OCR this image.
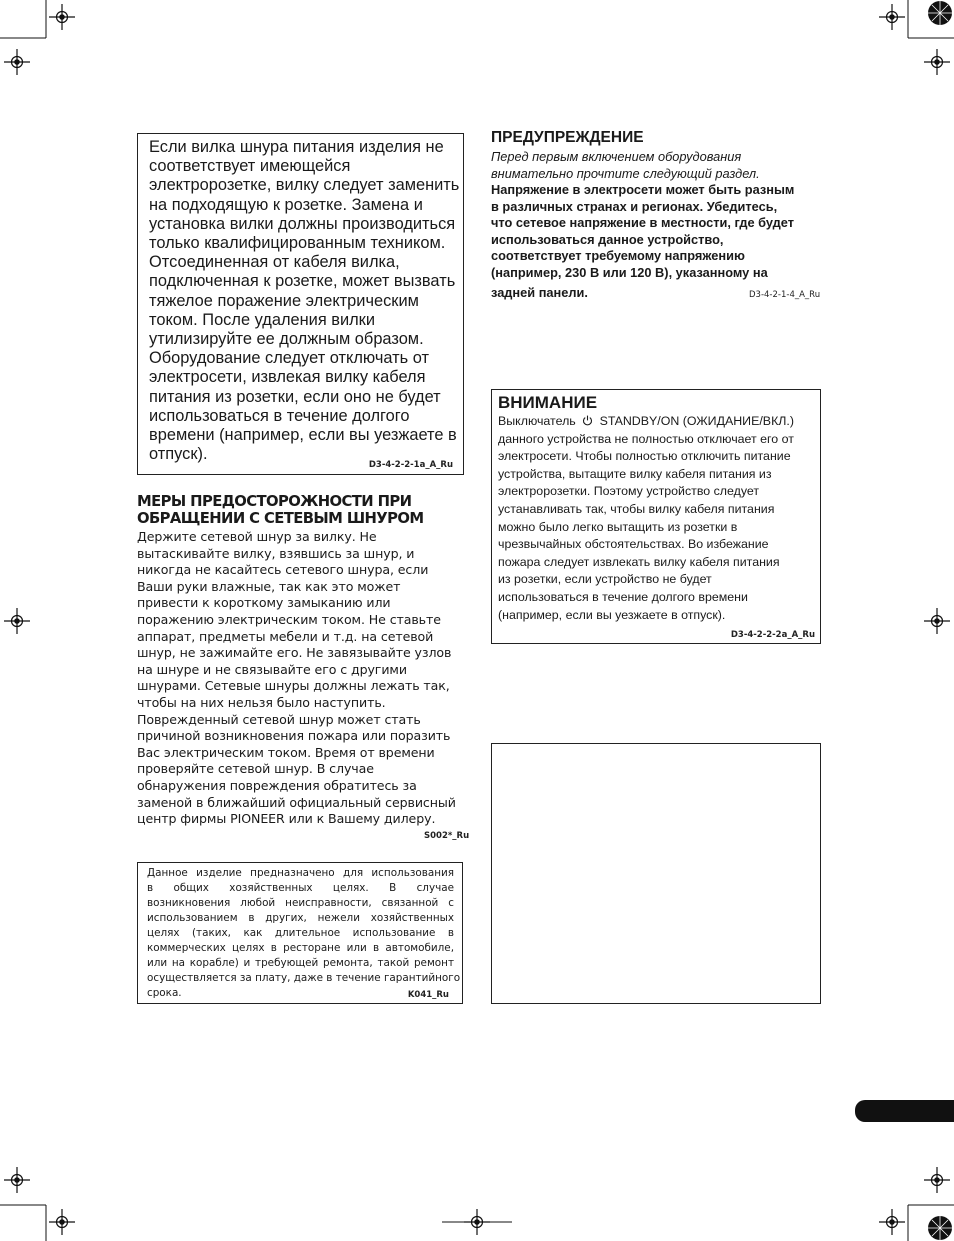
Если вилка шнура питания изделия не
соответствует имеющейся
электророзетке, вилку следует заменить
на подходящую к розетке. Замена и
установка вилки должны производиться
только квалифицированным техником.
Отсоединенная от кабеля вилка,
подключенная к розетке, может вызвать
тяжелое поражение электрическим
током. После удаления вилки
утилизируйте ее должным образом.
Оборудование следует отключать от
электросети, извлекая вилку кабеля
питания из розетки, если оно не будет
использоваться в течение долгого
времени (например, если вы уезжаете в
отпуск).
D3-4-2-2-1a_A_Ru
МЕРЫ ПРЕДОСТОРОЖНОСТИ ПРИ
ОБРАЩЕНИИ С СЕТЕВЫМ ШНУРОМ
Держите сетевой шнур за вилку. Не
вытаскивайте вилку, взявшись за шнур, и
никогда не касайтесь сетевого шнура, если
Ваши руки влажные, так как это может
привести к короткому замыканию или
поражению электрическим током. Не ставьте
аппарат, предметы мебели и т.д. на сетевой
шнур, не зажимайте его. Не завязывайте узлов
на шнуре и не связывайте его с другими
шнурами. Сетевые шнуры должны лежать так,
чтобы на них нельзя было наступить.
Поврежденный сетевой шнур может стать
причиной возникновения пожара или поразить
Вас электрическим током. Время от времени
проверяйте сетевой шнур. В случае
обнаружения повреждения обратитесь за
заменой в ближайший официальный сервисный
центр фирмы PIONEER или к Вашему дилеру.
S002*_Ru
Данное изделие предназначено для использования
в общих хозяйственных целях. В случае
возникновения любой неисправности, связанной с
использованием в других, нежели хозяйственных
целях (таких, как длительное использование в
коммерческих целях в ресторане или в автомобиле,
или на корабле) и требующей ремонта, такой ремонт
осуществляется за плату, даже в течение гарантийного
срока.	K041_Ru
ПРЕДУПРЕЖДЕНИЕ
Перед первым включением оборудования
внимательно прочтите следующий раздел.
Напряжение в электросети может быть разным
в различных странах и регионах. Убедитесь,
что сетевое напряжение в местности, где будет
использоваться данное устройство,
соответствует требуемому напряжению
(например, 230 В или 120 В), указанному на
задней панели.	D3-4-2-1-4_A_Ru
ВНИМАНИЕ
Выключатель STANDBY/ON (ОЖИДАНИЕ/ВКЛ.)
данного устройства не полностью отключает его от
электросети. Чтобы полностью отключить питание
устройства, вытащите вилку кабеля питания из
электророзетки. Поэтому устройство следует
устанавливать так, чтобы вилку кабеля питания
можно было легко вытащить из розетки в
чрезвычайных обстоятельствах. Во избежание
пожара следует извлекать вилку кабеля питания
из розетки, если устройство не будет
использоваться в течение долгого времени
(например, если вы уезжаете в отпуск).
D3-4-2-2-2a_A_Ru
